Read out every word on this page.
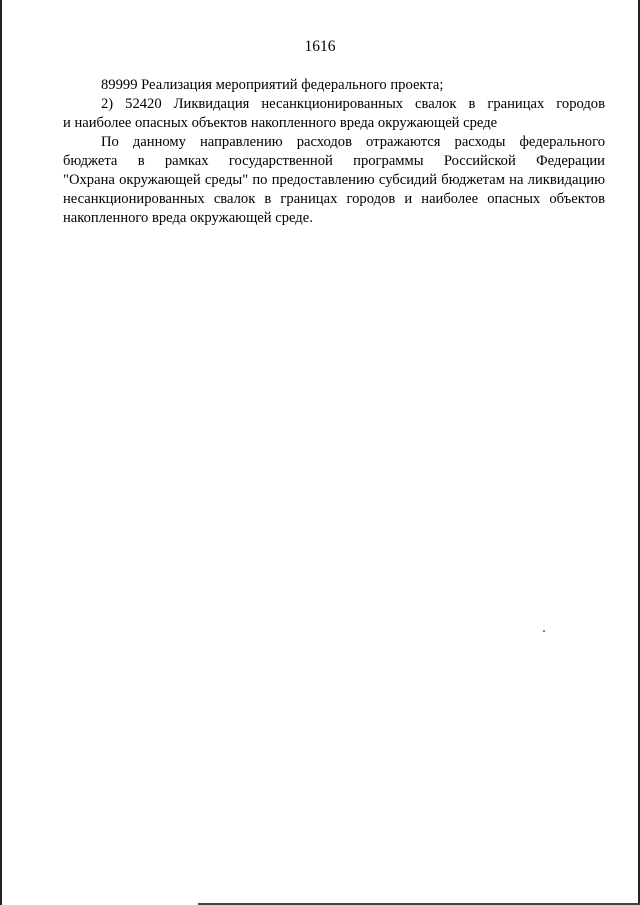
1616
89999 Реализация мероприятий федерального проекта;
2) 52420 Ликвидация несанкционированных свалок в границах городов
и наиболее опасных объектов накопленного вреда окружающей среде
По данному направлению расходов отражаются расходы федерального
бюджета в рамках государственной программы Российской Федерации
"Охрана окружающей среды" по предоставлению субсидий бюджетам на ликвидацию
несанкционированных свалок в границах городов и наиболее опасных объектов
накопленного вреда окружающей среде.
